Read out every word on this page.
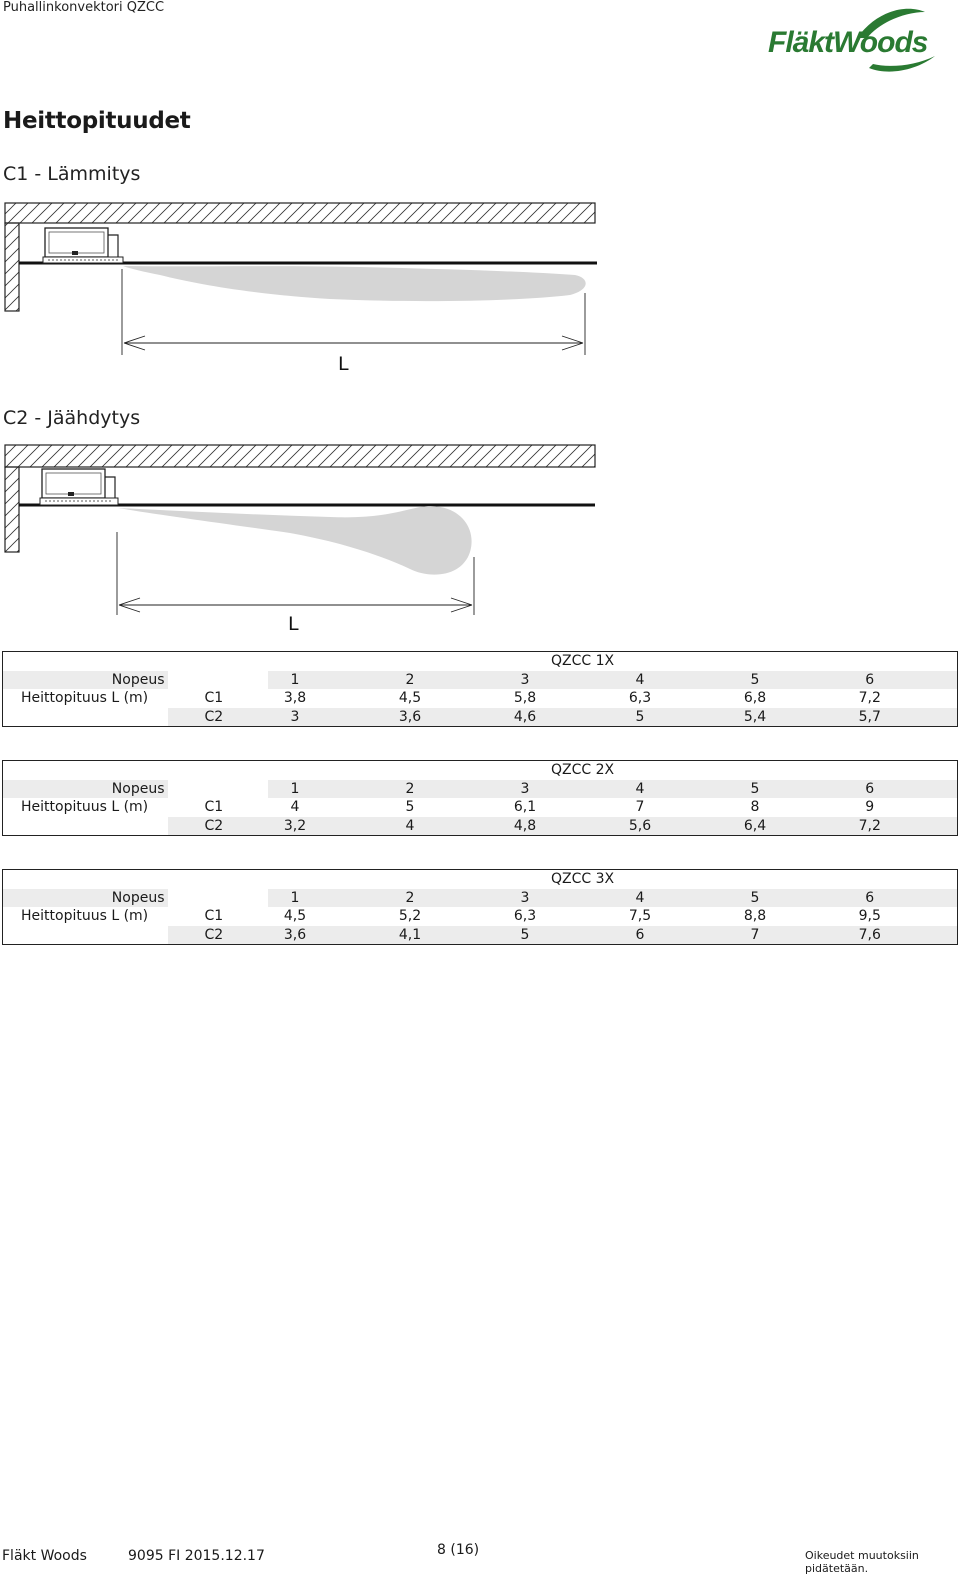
Puhallinkonvektori QZCC
FläktWoods
Heittopituudet
C1 - Lämmitys
L
C2 - Jäähdytys
L
				QZCC 1X			
Nopeus		1	2	3	4	5	6
Heittopituus L (m)	C1	3,8	4,5	5,8	6,3	6,8	7,2
	C2	3	3,6	4,6	5	5,4	5,7
				QZCC 2X			
Nopeus		1	2	3	4	5	6
Heittopituus L (m)	C1	4	5	6,1	7	8	9
	C2	3,2	4	4,8	5,6	6,4	7,2
				QZCC 3X			
Nopeus		1	2	3	4	5	6
Heittopituus L (m)	C1	4,5	5,2	6,3	7,5	8,8	9,5
	C2	3,6	4,1	5	6	7	7,6
Fläkt Woods	9095 FI 2015.12.17	8 (16)	Oikeudet muutoksiin pidätetään.
